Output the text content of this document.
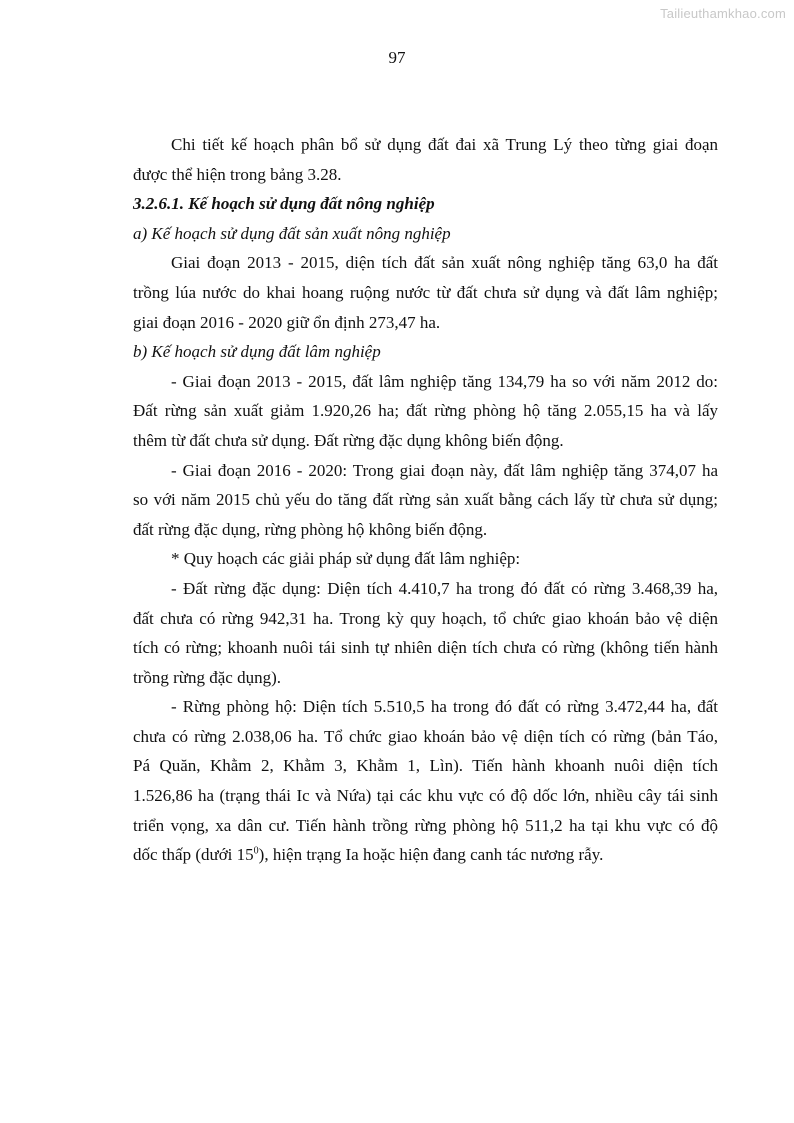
Tailieuthamkhao.com
97
Chi tiết kế hoạch phân bổ sử dụng đất đai xã Trung Lý theo từng giai đoạn
được thể hiện trong bảng 3.28.
3.2.6.1. Kế hoạch sử dụng đất nông nghiệp
a) Kế hoạch sử dụng đất sản xuất nông nghiệp
Giai đoạn 2013 - 2015, diện tích đất sản xuất nông nghiệp tăng 63,0 ha đất
trồng lúa nước do khai hoang ruộng nước từ đất chưa sử dụng và đất lâm nghiệp;
giai đoạn 2016 - 2020 giữ ổn định 273,47 ha.
b) Kế hoạch sử dụng đất lâm nghiệp
- Giai đoạn 2013 - 2015, đất lâm nghiệp tăng 134,79 ha so với năm 2012 do:
Đất rừng sản xuất giảm 1.920,26 ha; đất rừng phòng hộ tăng 2.055,15 ha và lấy
thêm từ đất chưa sử dụng. Đất rừng đặc dụng không biến động.
- Giai đoạn 2016 - 2020: Trong giai đoạn này, đất lâm nghiệp tăng 374,07 ha
so với năm 2015 chủ yếu do tăng đất rừng sản xuất bằng cách lấy từ chưa sử dụng;
đất rừng đặc dụng, rừng phòng hộ không biến động.
* Quy hoạch các giải pháp sử dụng đất lâm nghiệp:
- Đất rừng đặc dụng: Diện tích 4.410,7 ha trong đó đất có rừng 3.468,39 ha,
đất chưa có rừng 942,31 ha. Trong kỳ quy hoạch, tổ chức giao khoán bảo vệ diện
tích có rừng; khoanh nuôi tái sinh tự nhiên diện tích chưa có rừng (không tiến hành
trồng rừng đặc dụng).
- Rừng phòng hộ: Diện tích 5.510,5 ha trong đó đất có rừng 3.472,44 ha, đất
chưa có rừng 2.038,06 ha. Tổ chức giao khoán bảo vệ diện tích có rừng (bản Táo,
Pá Quăn, Khằm 2, Khằm 3, Khằm 1, Lìn). Tiến hành khoanh nuôi diện tích
1.526,86 ha (trạng thái Ic và Nứa) tại các khu vực có độ dốc lớn, nhiều cây tái sinh
triển vọng, xa dân cư. Tiến hành trồng rừng phòng hộ 511,2 ha tại khu vực có độ
dốc thấp (dưới $15^0$), hiện trạng Ia hoặc hiện đang canh tác nương rẫy.
